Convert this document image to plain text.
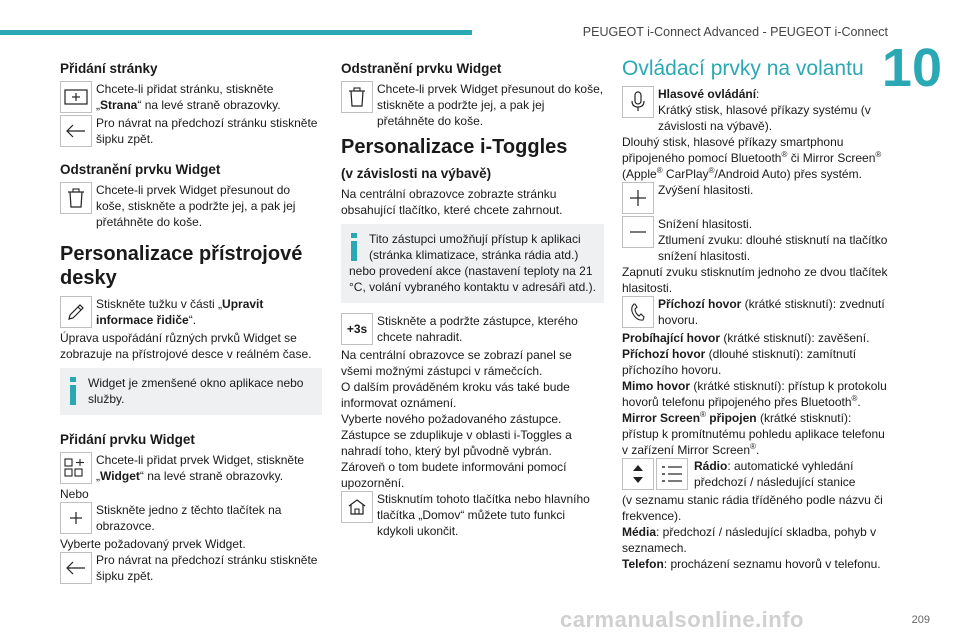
PEUGEOT i-Connect Advanced - PEUGEOT i-Connect
10
Přidání stránky

Chcete-li přidat stránku, stiskněte „Strana“ na levé straně obrazovky.

Pro návrat na předchozí stránku stiskněte šipku zpět.

Odstranění prvku Widget

Chcete-li prvek Widget přesunout do koše, stiskněte a podržte jej, a pak jej přetáhněte do koše.

Personalizace přístrojové desky

Stiskněte tužku v části „Upravit informace řidiče“.

Úprava uspořádání různých prvků Widget se zobrazuje na přístrojové desce v reálném čase.

Widget je zmenšené okno aplikace nebo služby.

Přidání prvku Widget

Chcete-li přidat prvek Widget, stiskněte „Widget“ na levé straně obrazovky.

Nebo

Stiskněte jedno z těchto tlačítek na obrazovce.

Vyberte požadovaný prvek Widget.

Pro návrat na předchozí stránku stiskněte šipku zpět.

Odstranění prvku Widget

Chcete-li prvek Widget přesunout do koše, stiskněte a podržte jej, a pak jej přetáhněte do koše.

Personalizace i-Toggles
(v závislosti na výbavě)

Na centrální obrazovce zobrazte stránku obsahující tlačítko, které chcete zahrnout.

Tito zástupci umožňují přístup k aplikaci (stránka klimatizace, stránka rádia atd.) nebo provedení akce (nastavení teploty na 21 °C, volání vybraného kontaktu v adresáři atd.).

+3s

Stiskněte a podržte zástupce, kterého chcete nahradit.

Na centrální obrazovce se zobrazí panel se všemi možnými zástupci v rámečcích.

O dalším prováděném kroku vás také bude informovat oznámení.

Vyberte nového požadovaného zástupce.

Zástupce se zduplikuje v oblasti i-Toggles a nahradí toho, který byl původně vybrán.

Zároveň o tom budete informováni pomocí upozornění.

Stisknutím tohoto tlačítka nebo hlavního tlačítka „Domov“ můžete tuto funkci kdykoli ukončit.

Ovládací prvky na volantu

Hlasové ovládání:
Krátký stisk, hlasové příkazy systému (v závislosti na výbavě).

Dlouhý stisk, hlasové příkazy smartphonu připojeného pomocí Bluetooth® či Mirror Screen® (Apple® CarPlay®/Android Auto) přes systém.

Zvýšení hlasitosti.

Snížení hlasitosti.

Ztlumení zvuku: dlouhé stisknutí na tlačítko snížení hlasitosti.

Zapnutí zvuku stisknutím jednoho ze dvou tlačítek hlasitosti.

Příchozí hovor (krátké stisknutí): zvednutí hovoru.

Probíhající hovor (krátké stisknutí): zavěšení.

Příchozí hovor (dlouhé stisknutí): zamítnutí příchozího hovoru.

Mimo hovor (krátké stisknutí): přístup k protokolu hovorů telefonu připojeného přes Bluetooth®.

Mirror Screen® připojen (krátké stisknutí): přístup k promítnutému pohledu aplikace telefonu v zařízení Mirror Screen®.

Rádio: automatické vyhledání předchozí / následující stanice

(v seznamu stanic rádia tříděného podle názvu či frekvence).

Média: předchozí / následující skladba, pohyb v seznamech.

Telefon: procházení seznamu hovorů v telefonu.

carmanualsonline.info	209
